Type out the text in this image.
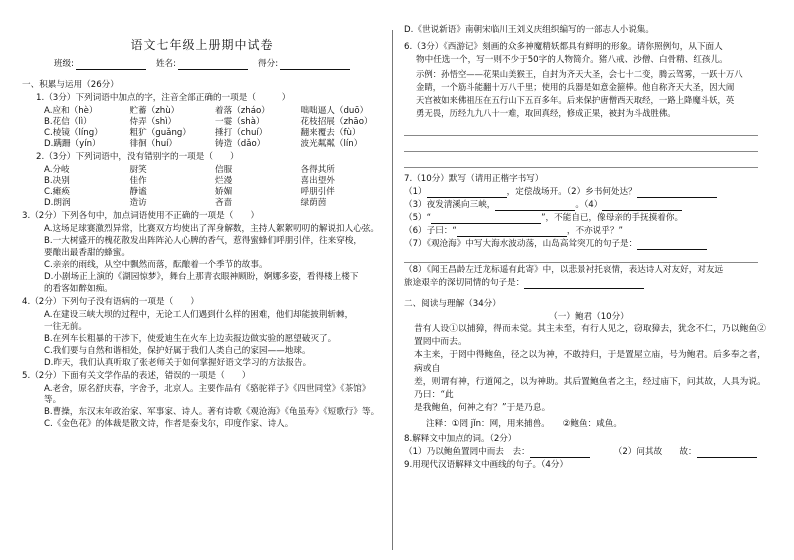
语文七年级上册期中试卷
班级:	姓名:	得分:
一、积累与运用（26分）
1.（3分）下列词语中加点的字，注音全部正确的一项是（　　　）
A.应和（hè）	贮蓄（zhù）	着落（zháo）	咄咄逼人（duō）
B.花信（lì）	侍弄（shì）	一霎（shà）	花枝招展（zhāo）
C.棱镜（líng）	粗犷（guǎng）	捶打（chuí）	翻来覆去（fù）
D.蹒跚（yín）	徘徊（huí）	铸造（dǎo）	波光粼粼（lín）
2.（3分）下列词语中，没有错别字的一项是（　　）
A.分岐	厨笑	信服	各得其所
B.决别	佳作	烂漫	喜出望外
C.瘫痪	静谧	娇媚	呼朋引伴
D.朗润	造访	吝啬	绿荫茵
3.（2分）下列各句中，加点词语使用不正确的一项是（　　）
A.这场足球赛激烈异常，比赛双方均使出了浑身解数，主持人絮絮叨叨的解说扣人心弦。
B.一大树盛开的槐花散发出阵阵沁人心脾的香气，惹得蜜蜂们呼朋引伴，往来穿梭，
要酿出最香甜的蜂蜜。
C.亲亲的雨线，从空中飘然而落，酝酿着一个季节的故事。
D.小剧场正上演的《湖园惊梦》，舞台上那青衣眼神顾盼，婀娜多姿，看得楼上楼下
的看客如醉如痴。
4.（2分）下列句子没有语病的一项是（　　）
A.在建设三峡大坝的过程中，无论工人们遇到什么样的困难，他们却能披荆斩棘，
一往无前。
B.在列车长粗暴的干涉下，使爱迪生在火车上边卖报边做实验的愿望破灭了。
C.我们要与自然和谐相处，保护好属于我们人类自己的家园——地球。
D.昨天，我们认真听取了张老师关于如何掌握好语文学习的方法报告。
5.（2分）下面有关文学作品的表述，错误的一项是（　　）
A.老舍，原名舒庆春，字舍予，北京人。主要作品有《骆驼祥子》《四世同堂》《茶馆》等。
B.曹操，东汉末年政治家、军事家、诗人。著有诗歌《观沧海》《龟虽寿》《短歌行》等。
C.《金色花》的体裁是散文诗，作者是泰戈尔，印度作家、诗人。
D.《世说新语》南朝宋临川王刘义庆组织编写的一部志人小说集。
6.（3分）《西游记》刻画的众多神魔精妖都具有鲜明的形象。请你照例句，从下面人
物中任选一个，写一则不少于50字的人物简介。猪八戒、沙僧、白骨精、红孩儿。
示例：孙悟空——花果山美猴王，自封为齐天大圣，会七十二变，腾云驾雾，一跃十万八
金睛，一个筋斗能翻十万八千里；使用的兵器是如意金箍棒。他自称齐天大圣，因大闹
天宫被如来佛祖压在五行山下五百多年。后来保护唐僧西天取经，一路上降魔斗妖，英
勇无畏，历经九九八十一难，取回真经，修成正果，被封为斗战胜佛。
7.（10分）默写（请用正楷字书写）
（1）	，定偿战场开。（2）乡书何处达？
（3）夜发清溪向三峡，	。（4）
（5）“	”，不能自已，像母亲的手抚摸着你。
（6）子曰：“	，不亦说乎？”
（7）《观沧海》中写大海水波动荡，山岛高耸突兀的句子是：
（8）《闻王昌龄左迁龙标遥有此寄》中，以悲景衬托哀情，表达诗人对友好，对友远
旅途艰辛的深切同情的句子是：
二、阅读与理解（34分）
（一）鲍君（10分）
昔有人设①以捕獐，得而未觉。其主未至，有行人见之，窃取獐去，犹念不仁，乃以鲍鱼②置罔中而去。
本主来，于罔中得鲍鱼，径之以为神，不敢持归，于是置屋立庙，号为鲍君。后多奉之者，病或自
差，则谓有神，行道闻之，以为神助。其后置鲍鱼者之主，经过庙下，问其故，人具为说。乃曰：“此
是我鲍鱼，何神之有？”于是乃息。
注释：①罔 jǐn：网，用来捕兽。　　②鲍鱼：咸鱼。
8.解释文中加点的词。（2分）
（1）乃以鲍鱼置罔中而去　去：	（2）问其故　　故：
9.用现代汉语解释文中画线的句子。（4分）
